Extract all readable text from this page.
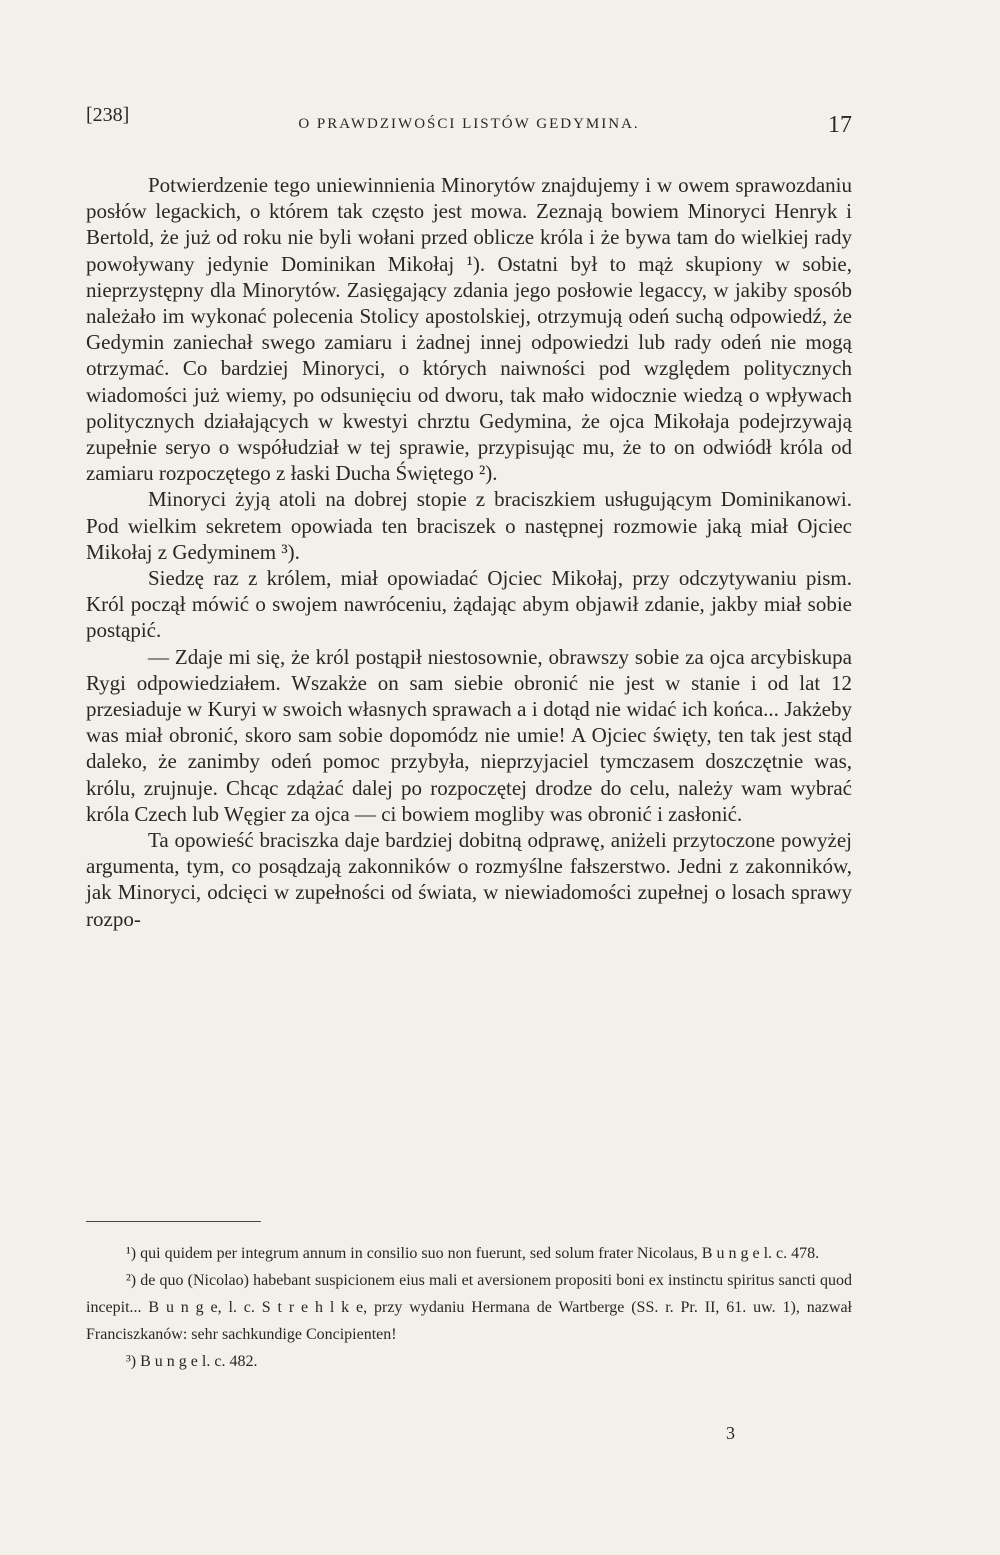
[238]	O PRAWDZIWOŚCI LISTÓW GEDYMINA.	17

Potwierdzenie tego uniewinnienia Minorytów znajdujemy i w owem sprawozdaniu posłów legackich, o którem tak często jest mowa. Zeznają bowiem Minoryci Henryk i Bertold, że już od roku nie byli wołani przed oblicze króla i że bywa tam do wielkiej rady powoływany jedynie Dominikan Mikołaj ¹). Ostatni był to mąż skupiony w sobie, nieprzystępny dla Minorytów. Zasięgający zdania jego posłowie legaccy, w jakiby sposób należało im wykonać polecenia Stolicy apostolskiej, otrzymują odeń suchą odpowiedź, że Gedymin zaniechał swego zamiaru i żadnej innej odpowiedzi lub rady odeń nie mogą otrzymać. Co bardziej Minoryci, o których naiwności pod względem politycznych wiadomości już wiemy, po odsunięciu od dworu, tak mało widocznie wiedzą o wpływach politycznych działających w kwestyi chrztu Gedymina, że ojca Mikołaja podejrzywają zupełnie seryo o współudział w tej sprawie, przypisując mu, że to on odwiódł króla od zamiaru rozpoczętego z łaski Ducha Świętego ²).

Minoryci żyją atoli na dobrej stopie z braciszkiem usługującym Dominikanowi. Pod wielkim sekretem opowiada ten braciszek o następnej rozmowie jaką miał Ojciec Mikołaj z Gedyminem ³).

Siedzę raz z królem, miał opowiadać Ojciec Mikołaj, przy odczytywaniu pism. Król począł mówić o swojem nawróceniu, żądając abym objawił zdanie, jakby miał sobie postąpić.

— Zdaje mi się, że król postąpił niestosownie, obrawszy sobie za ojca arcybiskupa Rygi odpowiedziałem. Wszakże on sam siebie obronić nie jest w stanie i od lat 12 przesiaduje w Kuryi w swoich własnych sprawach a i dotąd nie widać ich końca... Jakżeby was miał obronić, skoro sam sobie dopomódz nie umie! A Ojciec święty, ten tak jest stąd daleko, że zanimby odeń pomoc przybyła, nieprzyjaciel tymczasem doszczętnie was, królu, zrujnuje. Chcąc zdążać dalej po rozpoczętej drodze do celu, należy wam wybrać króla Czech lub Węgier za ojca — ci bowiem mogliby was obronić i zasłonić.

Ta opowieść braciszka daje bardziej dobitną odprawę, aniżeli przytoczone powyżej argumenta, tym, co posądzają zakonników o rozmyślne fałszerstwo. Jedni z zakonników, jak Minoryci, odcięci w zupełności od świata, w niewiadomości zupełnej o losach sprawy rozpo-

¹) qui quidem per integrum annum in consilio suo non fuerunt, sed solum frater Nicolaus, B u n g e l. c. 478.

²) de quo (Nicolao) habebant suspicionem eius mali et aversionem propositi boni ex instinctu spiritus sancti quod incepit... B u n g e, l. c. S t r e h l k e, przy wydaniu Hermana de Wartberge (SS. r. Pr. II, 61. uw. 1), nazwał Franciszkanów: sehr sachkundige Concipienten!

³) B u n g e l. c. 482.

3
